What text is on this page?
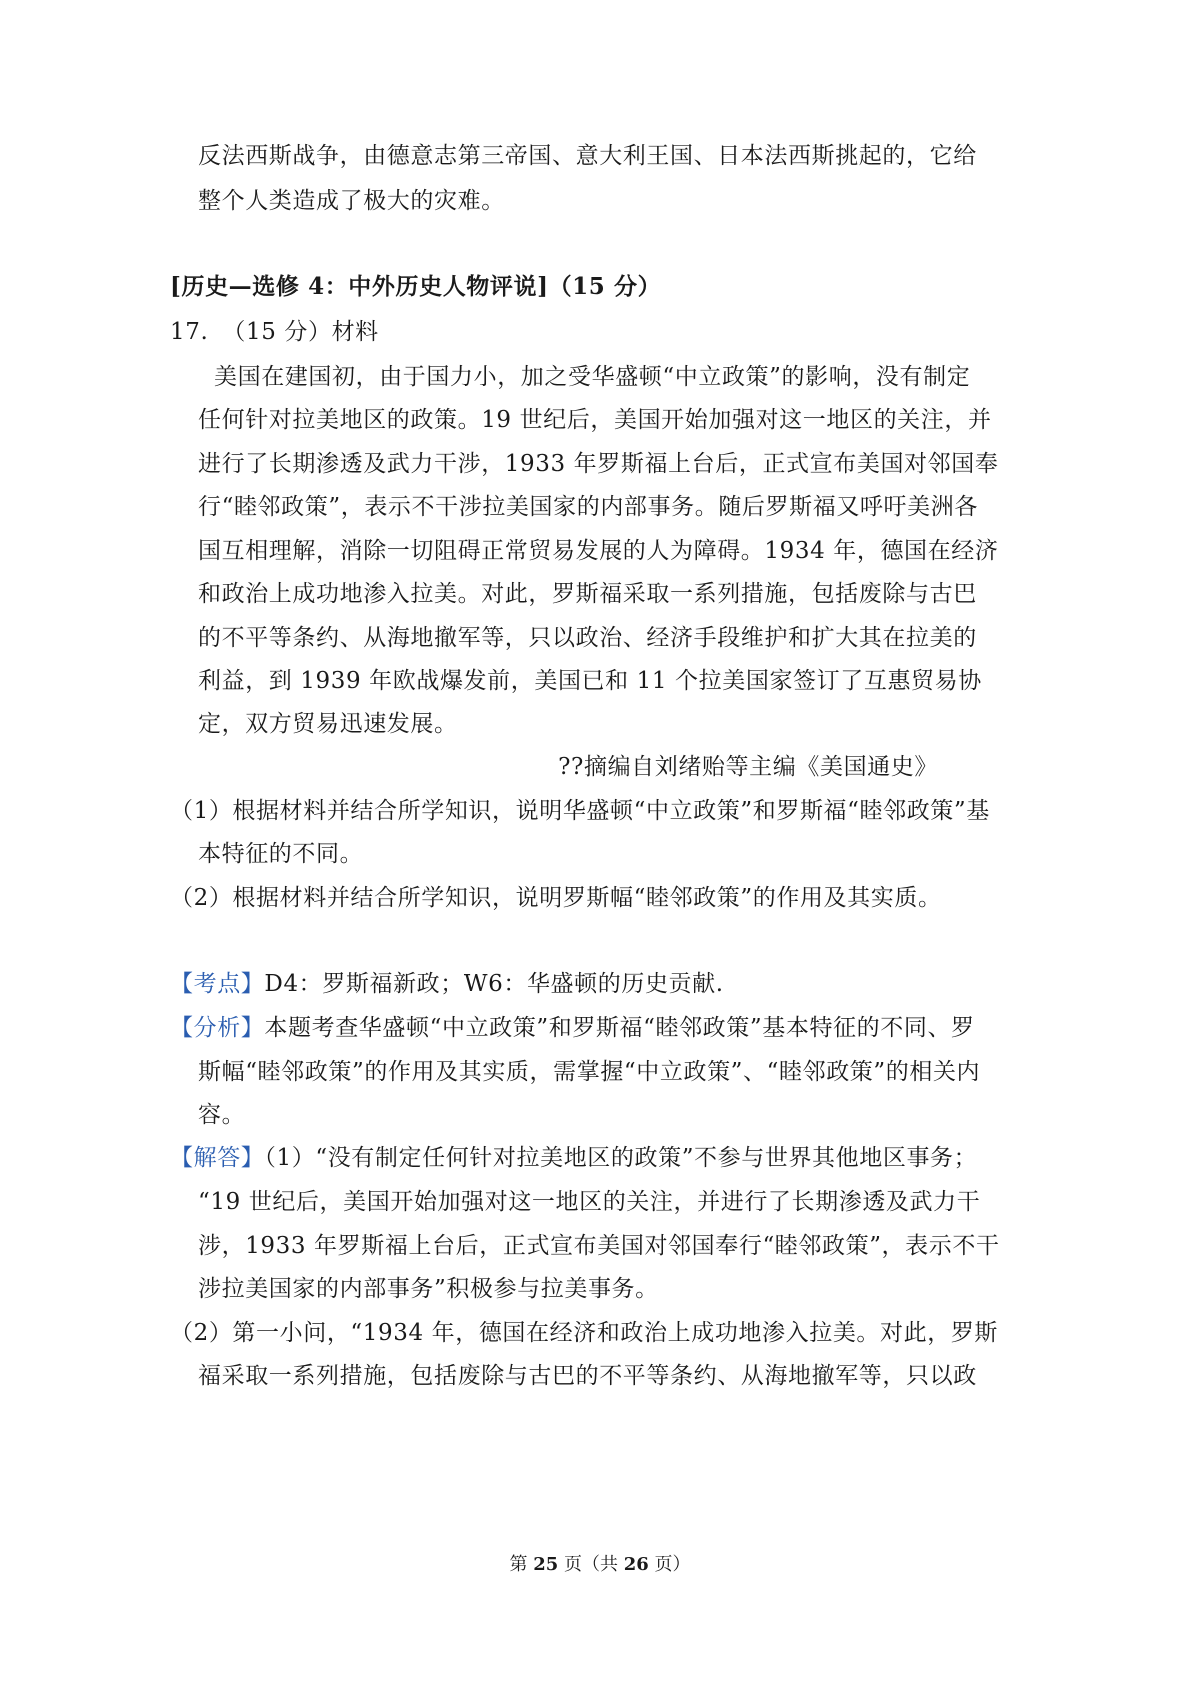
反法西斯战争，由德意志第三帝国、意大利王国、日本法西斯挑起的，它给
整个人类造成了极大的灾难。
[历史—选修 4：中外历史人物评说]（15 分）
17. （15 分）材料
美国在建国初，由于国力小，加之受华盛顿“中立政策”的影响，没有制定
任何针对拉美地区的政策。19 世纪后，美国开始加强对这一地区的关注，并
进行了长期渗透及武力干涉，1933 年罗斯福上台后，正式宣布美国对邻国奉
行“睦邻政策”，表示不干涉拉美国家的内部事务。随后罗斯福又呼吁美洲各
国互相理解，消除一切阻碍正常贸易发展的人为障碍。1934 年，德国在经济
和政治上成功地渗入拉美。对此，罗斯福采取一系列措施，包括废除与古巴
的不平等条约、从海地撤军等，只以政治、经济手段维护和扩大其在拉美的
利益，到 1939 年欧战爆发前，美国已和 11 个拉美国家签订了互惠贸易协
定，双方贸易迅速发展。
??摘编自刘绪贻等主编《美国通史》
（1）根据材料并结合所学知识，说明华盛顿“中立政策”和罗斯福“睦邻政策”基
本特征的不同。
（2）根据材料并结合所学知识，说明罗斯幅“睦邻政策”的作用及其实质。
【考点】D4：罗斯福新政；W6：华盛顿的历史贡献.
【分析】本题考查华盛顿“中立政策”和罗斯福“睦邻政策”基本特征的不同、罗
斯幅“睦邻政策”的作用及其实质，需掌握“中立政策”、“睦邻政策”的相关内
容。
【解答】（1）“没有制定任何针对拉美地区的政策”不参与世界其他地区事务；
“19 世纪后，美国开始加强对这一地区的关注，并进行了长期渗透及武力干
涉，1933 年罗斯福上台后，正式宣布美国对邻国奉行“睦邻政策”，表示不干
涉拉美国家的内部事务”积极参与拉美事务。
（2）第一小问，“1934 年，德国在经济和政治上成功地渗入拉美。对此，罗斯
福采取一系列措施，包括废除与古巴的不平等条约、从海地撤军等，只以政
第 25 页（共 26 页）
